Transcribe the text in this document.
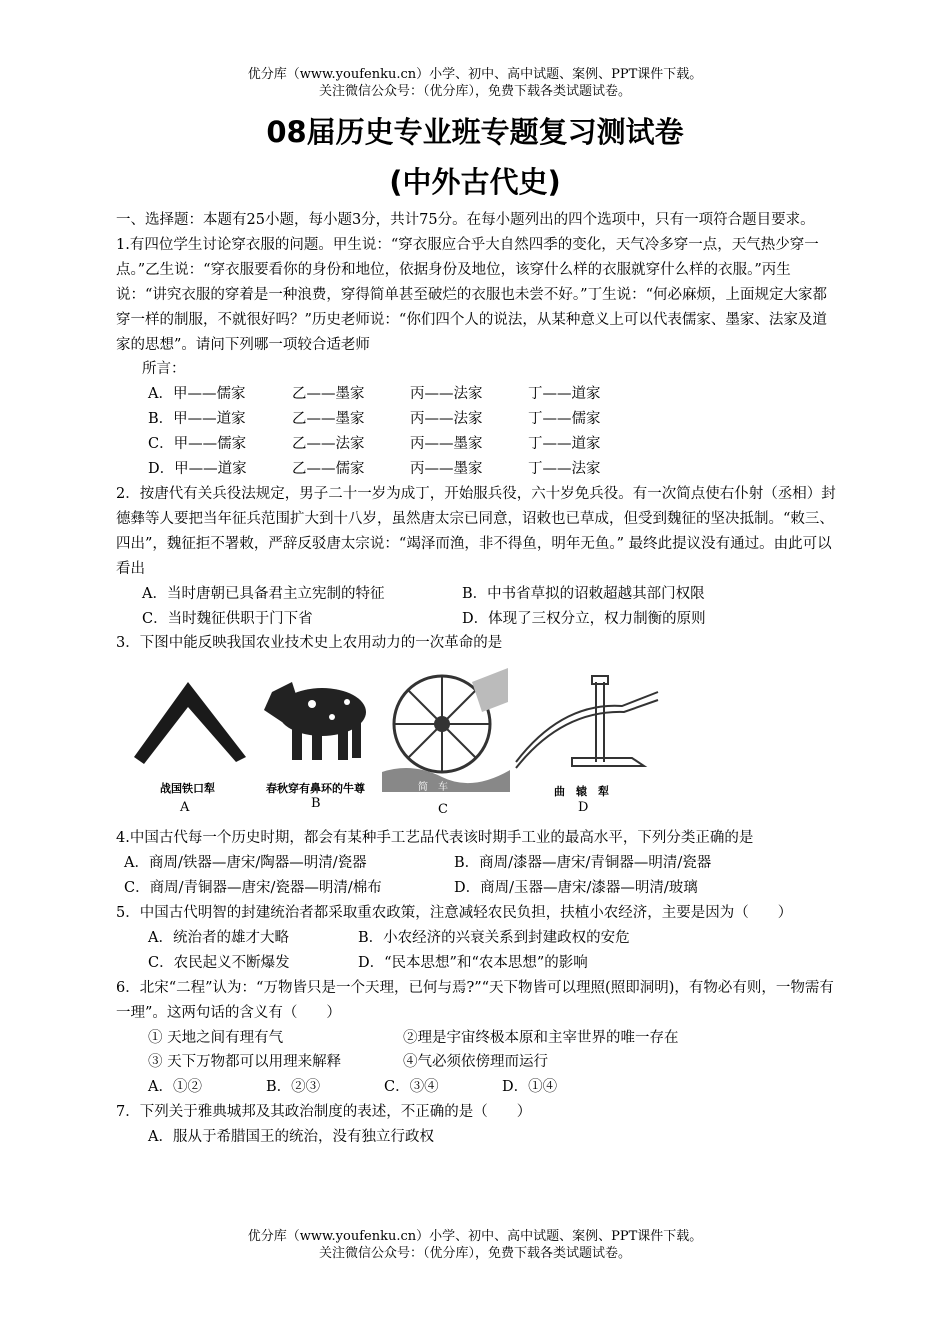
优分库（www.youfenku.cn）小学、初中、高中试题、案例、PPT课件下载。
关注微信公众号：（优分库），免费下载各类试题试卷。
08届历史专业班专题复习测试卷
(中外古代史)

一、选择题：本题有25小题，每小题3分，共计75分。在每小题列出的四个选项中，只有一项符合题目要求。

1.有四位学生讨论穿衣服的问题。甲生说：“穿衣服应合乎大自然四季的变化，天气冷多穿一点，天气热少穿一点。”乙生说：“穿衣服要看你的身份和地位，依据身份及地位，该穿什么样的衣服就穿什么样的衣服。”丙生说：“讲究衣服的穿着是一种浪费，穿得简单甚至破烂的衣服也未尝不好。”丁生说：“何必麻烦，上面规定大家都穿一样的制服，不就很好吗？”历史老师说：“你们四个人的说法，从某种意义上可以代表儒家、墨家、法家及道家的思想”。请问下列哪一项较合适老师

所言：

A．甲——儒家	乙——墨家	丙——法家	丁——道家
B．甲——道家	乙——墨家	丙——法家	丁——儒家
C．甲——儒家	乙——法家	丙——墨家	丁——道家
D．甲——道家	乙——儒家	丙——墨家	丁——法家

2．按唐代有关兵役法规定，男子二十一岁为成丁，开始服兵役，六十岁免兵役。有一次简点使右仆射（丞相）封德彝等人要把当年征兵范围扩大到十八岁，虽然唐太宗已同意，诏敕也已草成，但受到魏征的坚决抵制。“敕三、四出”，魏征拒不署敕，严辞反驳唐太宗说：“竭泽而渔，非不得鱼，明年无鱼。” 最终此提议没有通过。由此可以看出

A．当时唐朝已具备君主立宪制的特征	B．中书省草拟的诏敕超越其部门权限
C．当时魏征供职于门下省	D．体现了三权分立，权力制衡的原则

3．下图中能反映我国农业技术史上农用动力的一次革命的是

战国铁口犁
A
春秋穿有鼻环的牛尊
B
简　车
C
曲　辕　犁
D

4.中国古代每一个历史时期，都会有某种手工艺品代表该时期手工业的最高水平，下列分类正确的是

A．商周/铁器—唐宋/陶器—明清/瓷器	B．商周/漆器—唐宋/青铜器—明清/瓷器
C．商周/青铜器—唐宋/瓷器—明清/棉布	D．商周/玉器—唐宋/漆器—明清/玻璃

5．中国古代明智的封建统治者都采取重农政策，注意减轻农民负担，扶植小农经济，主要是因为（　　）

A．统治者的雄才大略	B．小农经济的兴衰关系到封建政权的安危
C．农民起义不断爆发	D．“民本思想”和“农本思想”的影响

6．北宋“二程”认为：“万物皆只是一个天理，已何与焉?”“天下物皆可以理照(照即洞明)，有物必有则，一物需有一理”。这两句话的含义有（　　）

① 天地之间有理有气	②理是宇宙终极本原和主宰世界的唯一存在
③ 天下万物都可以用理来解释	④气必须依傍理而运行
A．①②	B．②③	C．③④	D．①④

7．下列关于雅典城邦及其政治制度的表述，不正确的是（　　）

A．服从于希腊国王的统治，没有独立行政权
优分库（www.youfenku.cn）小学、初中、高中试题、案例、PPT课件下载。
关注微信公众号：（优分库），免费下载各类试题试卷。
